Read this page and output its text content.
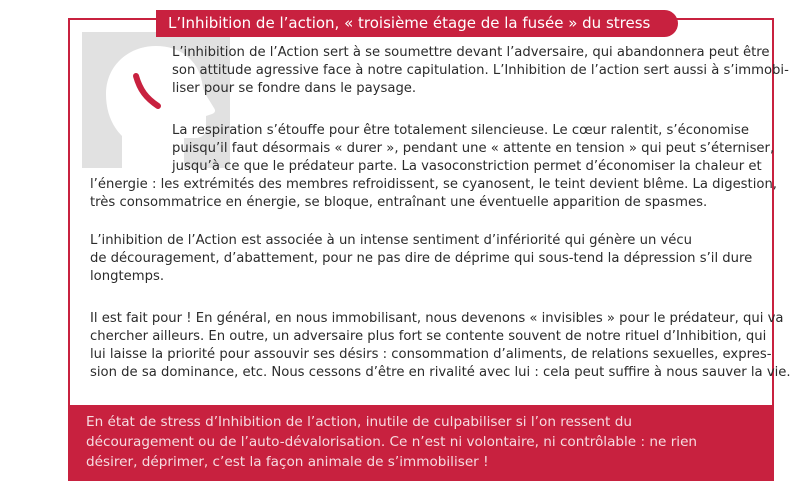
L’Inhibition de l’action, « troisième étage de la fusée » du stress
L’inhibition de l’Action sert à se soumettre devant l’adversaire, qui abandonnera peut être
son attitude agressive face à notre capitulation. L’Inhibition de l’action sert aussi à s’immobi-
liser pour se fondre dans le paysage.
La respiration s’étouffe pour être totalement silencieuse. Le cœur ralentit, s’économise
puisqu’il faut désormais « durer », pendant une « attente en tension » qui peut s’éterniser,
jusqu’à ce que le prédateur parte. La vasoconstriction permet d’économiser la chaleur et
l’énergie : les extrémités des membres refroidissent, se cyanosent, le teint devient blême. La digestion,
très consommatrice en énergie, se bloque, entraînant une éventuelle apparition de spasmes.
L’inhibition de l’Action est associée à un intense sentiment d’infériorité qui génère un vécu
de découragement, d’abattement, pour ne pas dire de déprime qui sous-tend la dépression s’il dure
longtemps.
Il est fait pour ! En général, en nous immobilisant, nous devenons « invisibles » pour le prédateur, qui va
chercher ailleurs. En outre, un adversaire plus fort se contente souvent de notre rituel d’Inhibition, qui
lui laisse la priorité pour assouvir ses désirs : consommation d’aliments, de relations sexuelles, expres-
sion de sa dominance, etc. Nous cessons d’être en rivalité avec lui : cela peut suffire à nous sauver la vie.
En état de stress d’Inhibition de l’action, inutile de culpabiliser si l’on ressent du
découragement ou de l’auto-dévalorisation. Ce n’est ni volontaire, ni contrôlable : ne rien
désirer, déprimer, c’est la façon animale de s’immobiliser !
